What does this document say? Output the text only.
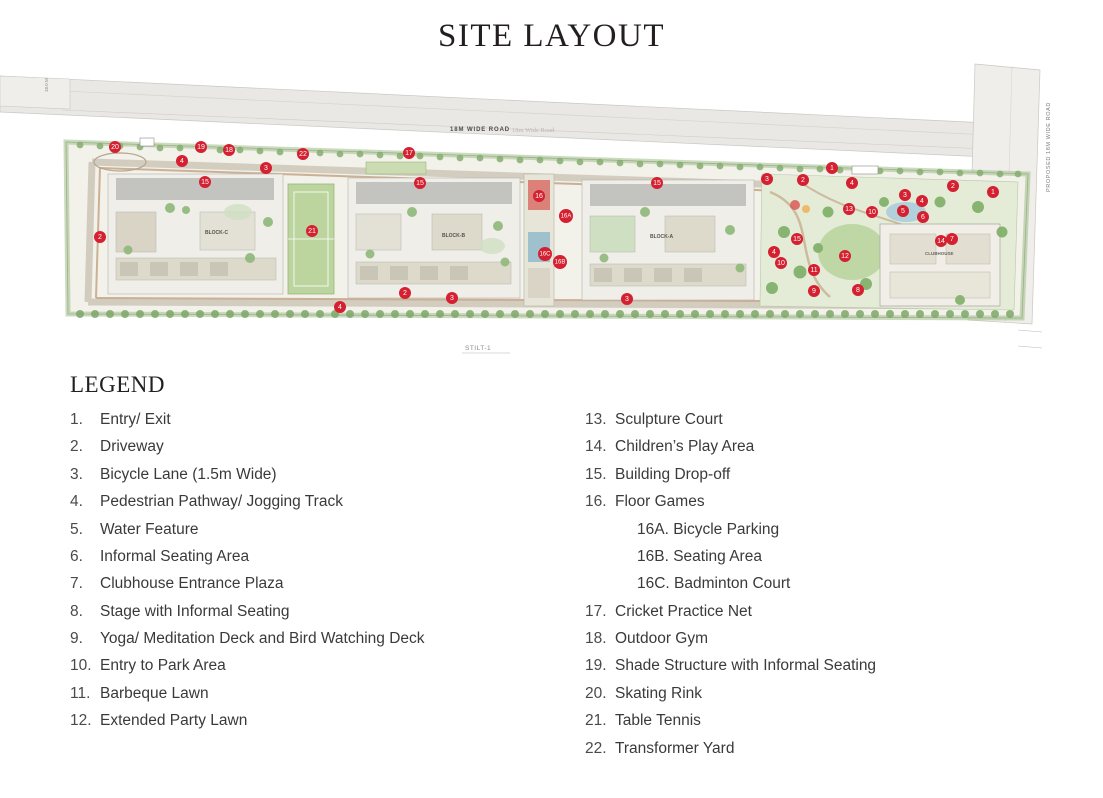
SITE LAYOUT
18.0 M
PROPOSED 18M WIDE ROAD
18M WIDE ROAD 18m Wide Road
BLOCK-C	BLOCK-B	BLOCK-A
CLUBHOUSE
STILT-1
20	19	18
4
3
22	17
15	15	15
16
16A
16C
16B
2
21
4
2
3	3
3
1
2	4	2
1
3
4
13 10	5
6
7
15
4
10
12
11
9	8
14
LEGEND
1.	Entry/ Exit
2.	Driveway
3.	Bicycle Lane (1.5m Wide)
4.	Pedestrian Pathway/ Jogging Track
5.	Water Feature
6.	Informal Seating Area
7.	Clubhouse Entrance Plaza
8.	Stage with Informal Seating
9.	Yoga/ Meditation Deck and Bird Watching Deck
10. Entry to Park Area
11. Barbeque Lawn
12. Extended Party Lawn
13. Sculpture Court
14. Children’s Play Area
15. Building Drop-off
16. Floor Games
16A. Bicycle Parking
16B. Seating Area
16C. Badminton Court
17. Cricket Practice Net
18. Outdoor Gym
19. Shade Structure with Informal Seating
20. Skating Rink
21. Table Tennis
22. Transformer Yard
